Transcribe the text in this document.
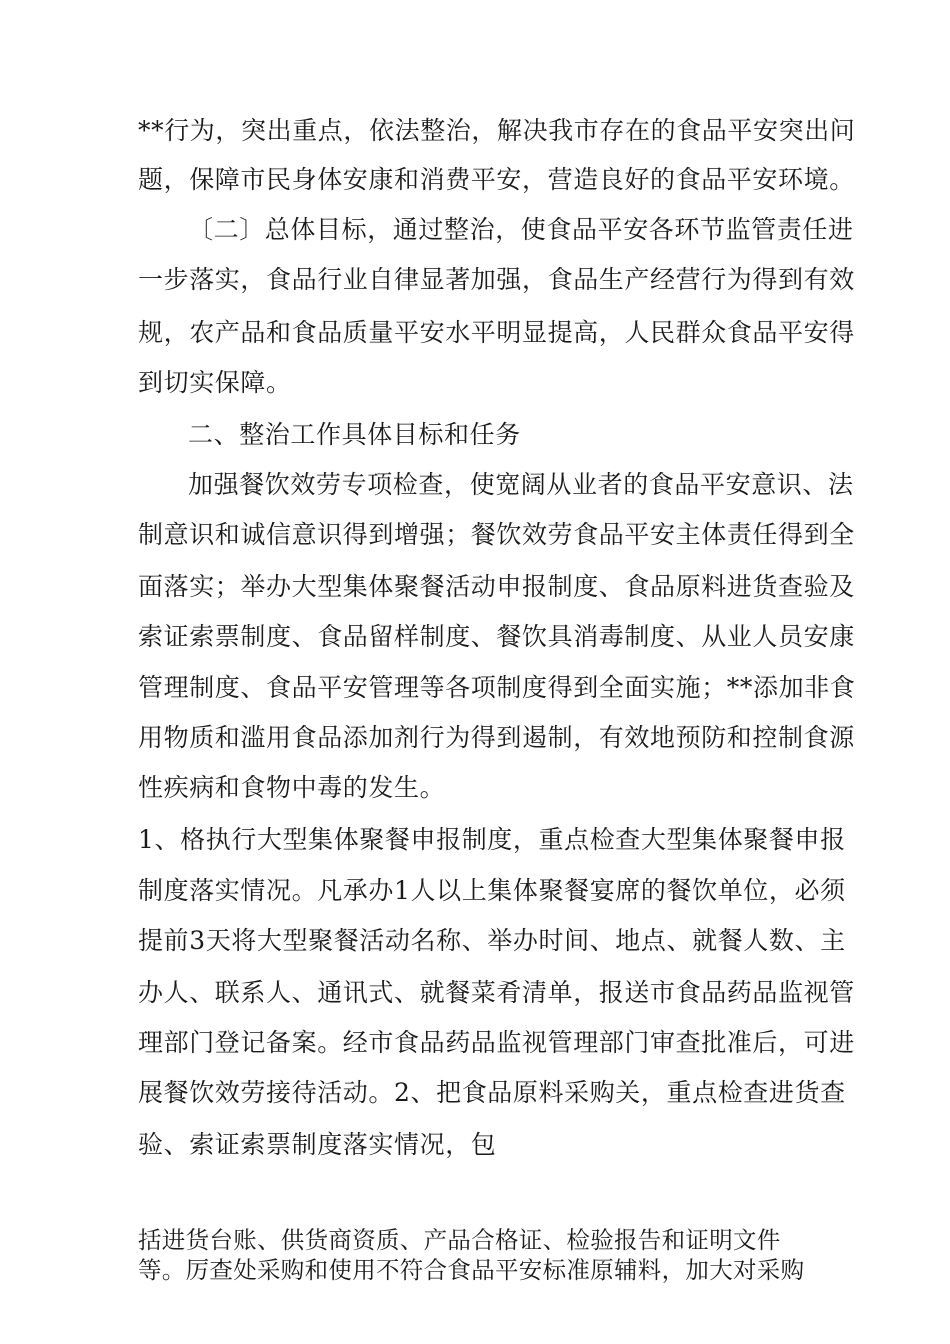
**行为，突出重点，依法整治，解决我市存在的食品平安突出问
题，保障市民身体安康和消费平安，营造良好的食品平安环境。
〔二〕总体目标，通过整治，使食品平安各环节监管责任进
一步落实，食品行业自律显著加强，食品生产经营行为得到有效
规，农产品和食品质量平安水平明显提高，人民群众食品平安得
到切实保障。
二、整治工作具体目标和任务
加强餐饮效劳专项检查，使宽阔从业者的食品平安意识、法
制意识和诚信意识得到增强；餐饮效劳食品平安主体责任得到全
面落实；举办大型集体聚餐活动申报制度、食品原料进货查验及
索证索票制度、食品留样制度、餐饮具消毒制度、从业人员安康
管理制度、食品平安管理等各项制度得到全面实施；**添加非食
用物质和滥用食品添加剂行为得到遏制，有效地预防和控制食源
性疾病和食物中毒的发生。
1、格执行大型集体聚餐申报制度，重点检查大型集体聚餐申报
制度落实情况。凡承办1人以上集体聚餐宴席的餐饮单位，必须
提前3天将大型聚餐活动名称、举办时间、地点、就餐人数、主
办人、联系人、通讯式、就餐菜肴清单，报送市食品药品监视管
理部门登记备案。经市食品药品监视管理部门审查批准后，可进
展餐饮效劳接待活动。2、把食品原料采购关，重点检查进货查
验、索证索票制度落实情况，包
括进货台账、供货商资质、产品合格证、检验报告和证明文件
等。厉查处采购和使用不符合食品平安标准原辅料，加大对采购
